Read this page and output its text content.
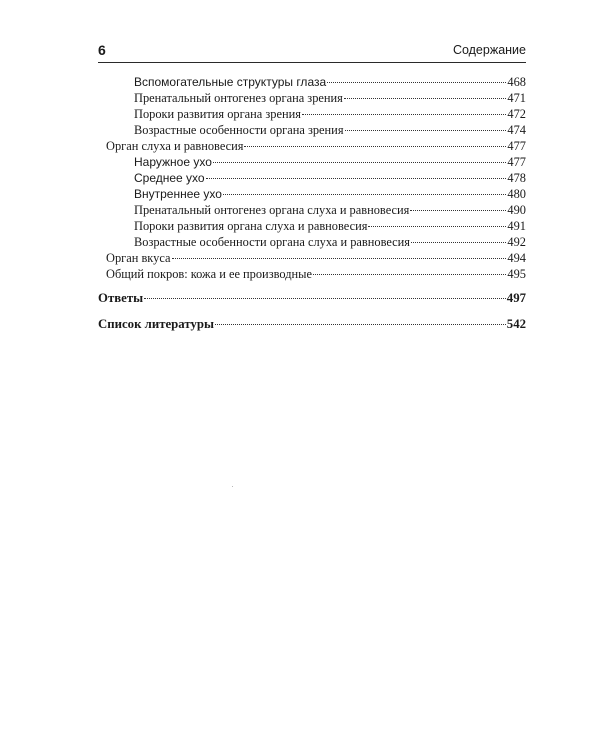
6	Содержание
Вспомогательные структуры глаза	468
Пренатальный онтогенез органа зрения	471
Пороки развития органа зрения	472
Возрастные особенности органа зрения	474
Орган слуха и равновесия	477
Наружное ухо	477
Среднее ухо	478
Внутреннее ухо	480
Пренатальный онтогенез органа слуха и равновесия	490
Пороки развития органа слуха и равновесия	491
Возрастные особенности органа слуха и равновесия	492
Орган вкуса	494
Общий покров: кожа и ее производные	495
Ответы	497
Список литературы	542
